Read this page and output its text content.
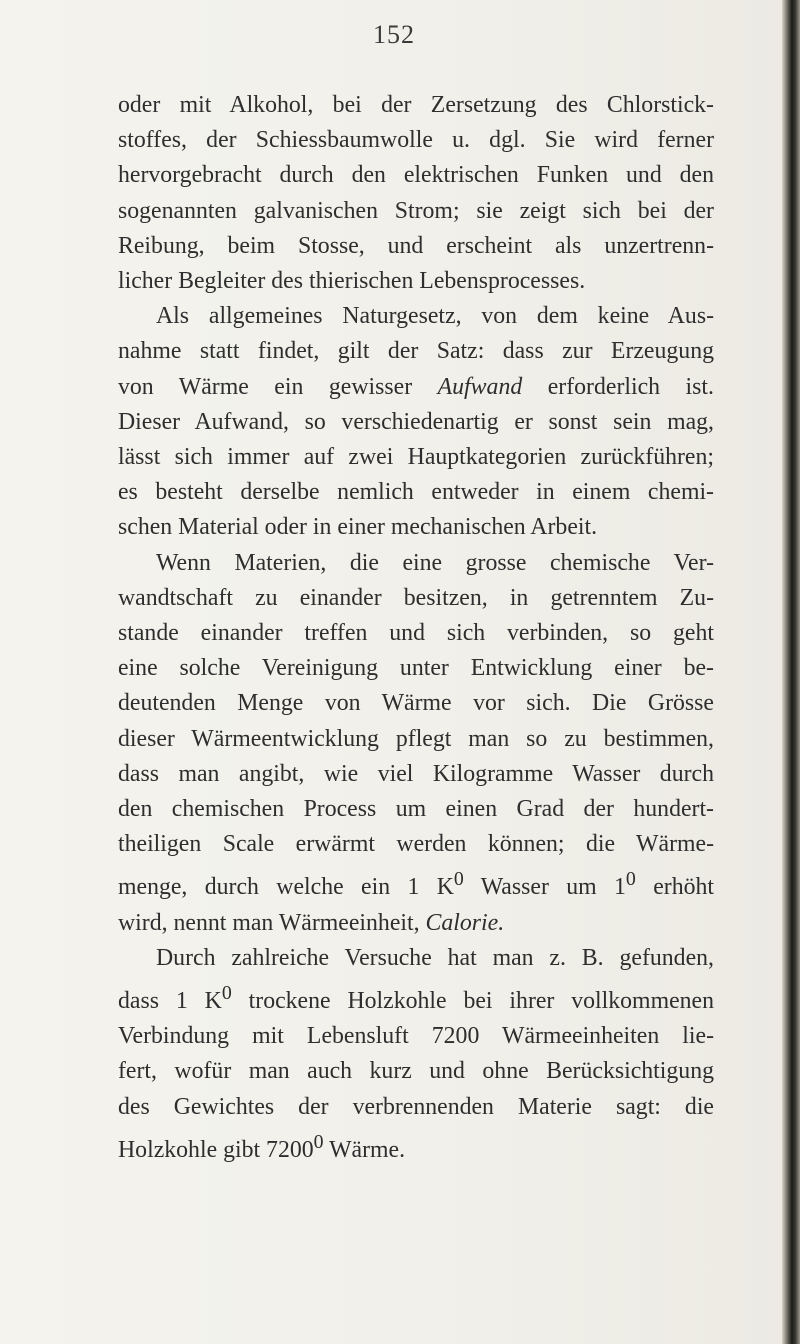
152
oder mit Alkohol, bei der Zersetzung des Chlorstick-
stoffes, der Schiessbaumwolle u. dgl. Sie wird ferner
hervorgebracht durch den elektrischen Funken und den
sogenannten galvanischen Strom; sie zeigt sich bei der
Reibung, beim Stosse, und erscheint als unzertrenn-
licher Begleiter des thierischen Lebensprocesses.
Als allgemeines Naturgesetz, von dem keine Aus-
nahme statt findet, gilt der Satz: dass zur Erzeugung
von Wärme ein gewisser Aufwand erforderlich ist.
Dieser Aufwand, so verschiedenartig er sonst sein mag,
lässt sich immer auf zwei Hauptkategorien zurückführen;
es besteht derselbe nemlich entweder in einem chemi-
schen Material oder in einer mechanischen Arbeit.
Wenn Materien, die eine grosse chemische Ver-
wandtschaft zu einander besitzen, in getrenntem Zu-
stande einander treffen und sich verbinden, so geht
eine solche Vereinigung unter Entwicklung einer be-
deutenden Menge von Wärme vor sich. Die Grösse
dieser Wärmeentwicklung pflegt man so zu bestimmen,
dass man angibt, wie viel Kilogramme Wasser durch
den chemischen Process um einen Grad der hundert-
theiligen Scale erwärmt werden können; die Wärme-
menge, durch welche ein 1 $K^0$ Wasser um $1^0$ erhöht
wird, nennt man Wärmeeinheit, Calorie.
Durch zahlreiche Versuche hat man z. B. gefunden,
dass 1 $K^0$ trockene Holzkohle bei ihrer vollkommenen
Verbindung mit Lebensluft 7200 Wärmeeinheiten lie-
fert, wofür man auch kurz und ohne Berücksichtigung
des Gewichtes der verbrennenden Materie sagt: die
Holzkohle gibt 7200$^0$ Wärme.
